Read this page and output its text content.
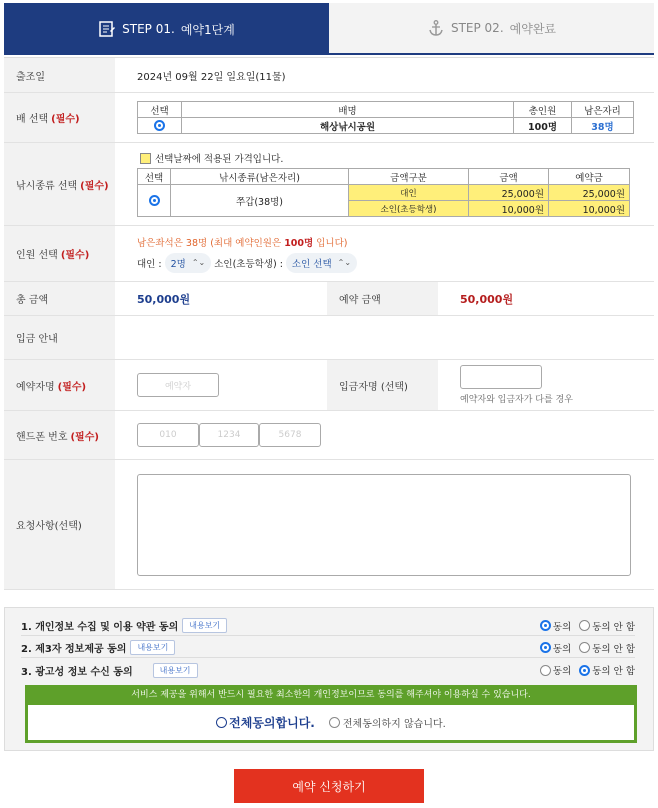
STEP 01. 예약1단계	STEP 02. 예약완료
출조일	2024년 09월 22일 일요일(11물)
배 선택 (필수)
선택	배명	총인원	남은자리
	해상낚시공원	100명	38명
낚시종류 선택 (필수)
선택날짜에 적용된 가격입니다.
선택	낚시종류(남은자리)	금액구분	금액	예약금
	쭈갑(38명)	대인	25,000원	25,000원
		소인(초등학생)	10,000원	10,000원
인원 선택 (필수)
남은좌석은 38명 (최대 예약인원은 100명 입니다)
대인 : 2명 ⌃⌄ 소인(초등학생) : 소인 선택 ⌃⌄
총 금액	50,000원	예약 금액	50,000원
입금 안내
예약자명 (필수)	예약자	입금자명 (선택)
예약자와 입금자가 다를 경우
핸드폰 번호 (필수)	010	1234	5678
요청사항(선택)
1. 개인정보 수집 및 이용 약관 동의	내용보기	동의 동의 안 함
2. 제3자 정보제공 동의	내용보기	동의 동의 안 함
3. 광고성 정보 수신 동의	내용보기	동의 동의 안 함
서비스 제공을 위해서 반드시 필요한 최소한의 개인정보이므로 동의를 해주셔야 이용하실 수 있습니다.
전체동의합니다.	전체동의하지 않습니다.
예약 신청하기
